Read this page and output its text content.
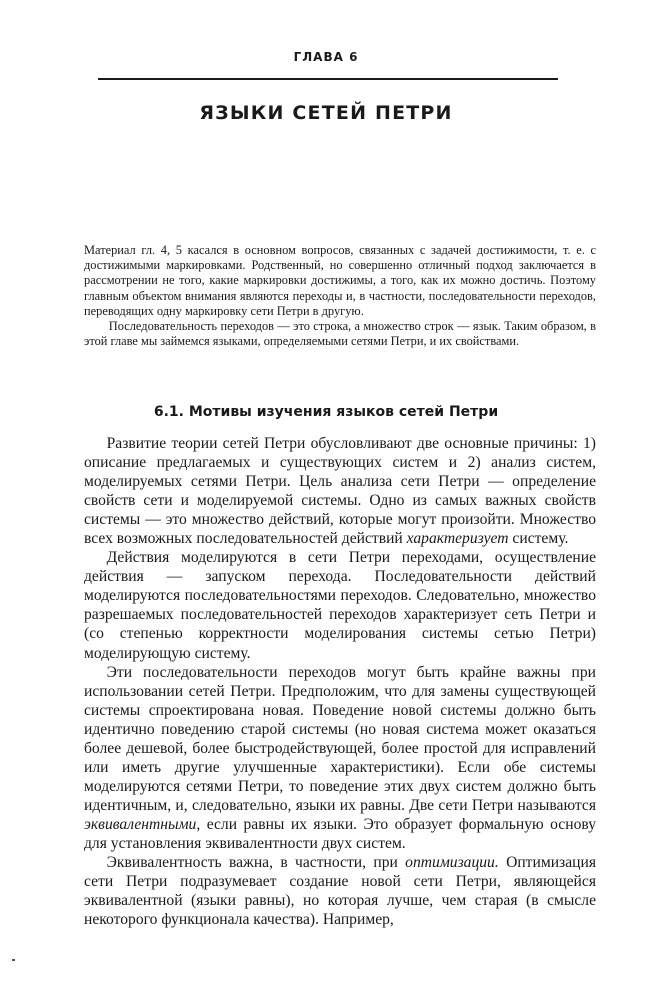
ГЛАВА 6
ЯЗЫКИ СЕТЕЙ ПЕТРИ

Материал гл. 4, 5 касался в основном вопросов, связанных с задачей достижимости, т. е. с достижимыми маркировками. Родственный, но совершенно отличный подход заключается в рассмотрении не того, какие маркировки достижимы, а того, как их можно достичь. Поэтому главным объектом внимания являются переходы и, в частности, последовательности переходов, переводящих одну маркировку сети Петри в другую.

Последовательность переходов — это строка, а множество строк — язык. Таким образом, в этой главе мы займемся языками, определяемыми сетями Петри, и их свойствами.

6.1. Мотивы изучения языков сетей Петри

Развитие теории сетей Петри обусловливают две основные причины: 1) описание предлагаемых и существующих систем и 2) анализ систем, моделируемых сетями Петри. Цель анализа сети Петри — определение свойств сети и моделируемой системы. Одно из самых важных свойств системы — это множество действий, которые могут произойти. Множество всех возможных последовательностей действий характеризует систему.

Действия моделируются в сети Петри переходами, осуществление действия — запуском перехода. Последовательности действий моделируются последовательностями переходов. Следовательно, множество разрешаемых последовательностей переходов характеризует сеть Петри и (со степенью корректности моделирования системы сетью Петри) моделирующую систему.

Эти последовательности переходов могут быть крайне важны при использовании сетей Петри. Предположим, что для замены существующей системы спроектирована новая. Поведение новой системы должно быть идентично поведению старой системы (но новая система может оказаться более дешевой, более быстродействующей, более простой для исправлений или иметь другие улучшенные характеристики). Если обе системы моделируются сетями Петри, то поведение этих двух систем должно быть идентичным, и, следовательно, языки их равны. Две сети Петри называются эквивалентными, если равны их языки. Это образует формальную основу для установления эквивалентности двух систем.

Эквивалентность важна, в частности, при оптимизации. Оптимизация сети Петри подразумевает создание новой сети Петри, являющейся эквивалентной (языки равны), но которая лучше, чем старая (в смысле некоторого функционала качества). Например,
